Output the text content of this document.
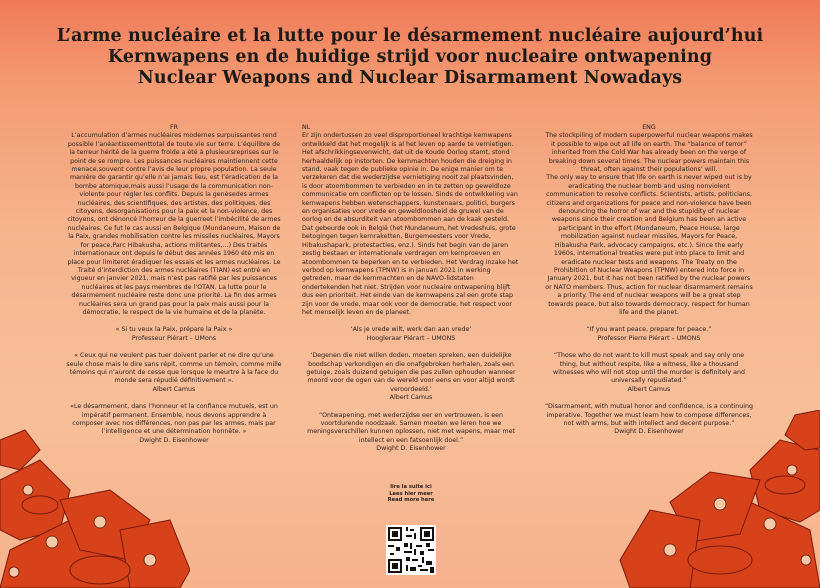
L’arme nucléaire et la lutte pour le désarmement nucléaire aujourd’hui
Kernwapens en de huidige strijd voor nucleaire ontwapening
Nuclear Weapons and Nuclear Disarmament Nowadays
FR

L’accumulation d’armes nucléaires modernes surpuissantes rend possible l’anéantissementtotal de toute vie sur terre. L’équilibre de la terreur hérité de la guerre froide a été à plusieursreprises sur le point de se rompre. Les puissances nucléaires maintiennent cette menace,souvent contre l’avis de leur propre population. La seule manière de garantir qu’elle n’ai jamais lieu, est l’éradication de la bombe atomique,mais aussi l’usage de la communication non-violente pour régler les conflits. Depuis la genèsedes armes nucléaires, des scientifiques, des artistes, des politiques, des citoyens, desorganisations pour la paix et la non-violence, des citoyens, ont dénoncé l’horreur de la guerreet l’imbécilité de armes nucléaires. Ce fut le cas aussi en Belgique (Mundaneum, Maison de la Paix, grandes mobilisation contre les missiles nucléaires, Mayors for peace,Parc Hibakusha, actions militantes,...) Des traités internationaux ont depuis le début des années 1960 été mis en place pour limiteret éradiquer les essais et les armes nucléaires. Le Traité d’interdiction des armes nucléaires (TIAN) est entré en vigueur en janvier 2021, mais n’est pas ratifié par les puissances nucléaires et les pays membres de l’OTAN. La lutte pour le désarmement nucléaire reste donc une priorité. La fin des armes nucléaires sera un grand pas pour la paix mais aussi pour la démocratie, le respect de la vie humaine et de la planète.

« Si tu veux la Paix, prépare la Paix »
Professeur Piérart – UMons
« Ceux qui ne veulent pas tuer doivent parler et ne dire qu’une seule chose mais le dire sans répit, comme un témoin, comme mille témoins qui n’auront de cesse que lorsque le meurtre à la face du monde sera répudié définitivement ».
Albert Camus
«Le désarmement, dans l’honneur et la confiance mutuels, est un impératif permanent. Ensemble, nous devons apprendre à composer avec nos différences, non pas par les armes, mais par l’intelligence et une détermination honnête. »
Dwight D. Eisenhower
NL

Er zijn ondertussen zo veel disproportioneel krachtige kernwapens ontwikkeld dat het mogelijk is al het leven op aarde te vernietigen. Het afschrikkingsevenwicht, dat uit de Koude Oorlog stamt, stond herhaaldelijk op instorten. De kernmachten houden die dreiging in stand, vaak tegen de publieke opinie in. De enige manier om te verzekeren dat die wederzijdse vernietiging nooit zal plaatsvinden, is door atoombommen te verbieden en in te zetten op geweldloze communicatie om conflicten op te lossen. Sinds de ontwikkeling van kernwapens hebben wetenschappers, kunstenaars, politici, burgers en organisaties voor vrede en geweldloosheid de gruwel van de oorlog en de absurditeit van atoombommen aan de kaak gesteld. Dat gebeurde ook in België (het Mundaneum, het Vredeshuis, grote betogingen tegen kernraketten, Burgemeesters voor Vrede, Hibakushapark, protestacties, enz.). Sinds het begin van de jaren zestig bestaan er internationale verdragen om kernproeven en atoombommen te beperken en te verbieden. Het Verdrag inzake het verbod op kernwapens (TPNW) is in januari 2021 in werking getreden, maar de kernmachten en de NAVO-lidstaten ondertekenden het niet. Strijden voor nucleaire ontwapening blijft dus een prioriteit. Het einde van de kernwapens zal een grote stap zijn voor de vrede, maar ook voor de democratie, het respect voor het menselijk leven en de planeet.

‘Als je vrede wilt, werk dan aan vrede’
Hoogleraar Piérart – UMONS
‘Degenen die niet willen doden, moeten spreken, een duidelijke boodschap verkondigen en die onafgebroken herhalen, zoals een getuige, zoals duizend getuigen die pas zullen ophouden wanneer moord voor de ogen van de wereld voor eens en voor altijd wordt veroordeeld.’
Albert Camus
“Ontwapening, met wederzijdse eer en vertrouwen, is een voortdurende noodzaak. Samen moeten we leren hoe we meningsverschillen kunnen oplossen, niet met wapens, maar met intellect en een fatsoenlijk doel.”
Dwight D. Eisenhower
ENG

The stockpiling of modern superpowerful nuclear weapons makes it possible to wipe out all life on earth. The “balance of terror” inherited from the Cold War has already been on the verge of breaking down several times. The nuclear powers maintain this threat, often against their populations’ will.

The only way to ensure that life on earth is never wiped out is by eradicating the nuclear bomb and using nonviolent communication to resolve conflicts. Scientists, artists, politicians, citizens and organizations for peace and non-violence have been denouncing the horror of war and the stupidity of nuclear weapons since their creation and Belgium has been an active participant in the effort (Mundaneum, Peace House, large mobilization against nuclear missiles, Mayors for Peace, Hibakusha Park, advocacy campaigns, etc.). Since the early 1960s, international treaties were put into place to limit and eradicate nuclear tests and weapons. The Treaty on the Prohibition of Nuclear Weapons (TPNW) entered into force in January 2021, but it has not been ratified by the nuclear powers or NATO members. Thus, action for nuclear disarmament remains a priority. The end of nuclear weapons will be a great step towards peace, but also towards democracy, respect for human life and the planet.

“If you want peace, prepare for peace.”
Professor Pierre Piérart – UMONS
“Those who do not want to kill must speak and say only one thing, but without respite, like a witness, like a thousand witnesses who will not stop until the murder is definitely and universally repudiated.”
Albert Camus
“Disarmament, with mutual honor and confidence, is a continuing imperative. Together we must learn how to compose differences, not with arms, but with intellect and decent purpose.”
Dwight D. Eisenhower
lire la suite ici
Lees hier meer
Read more here
